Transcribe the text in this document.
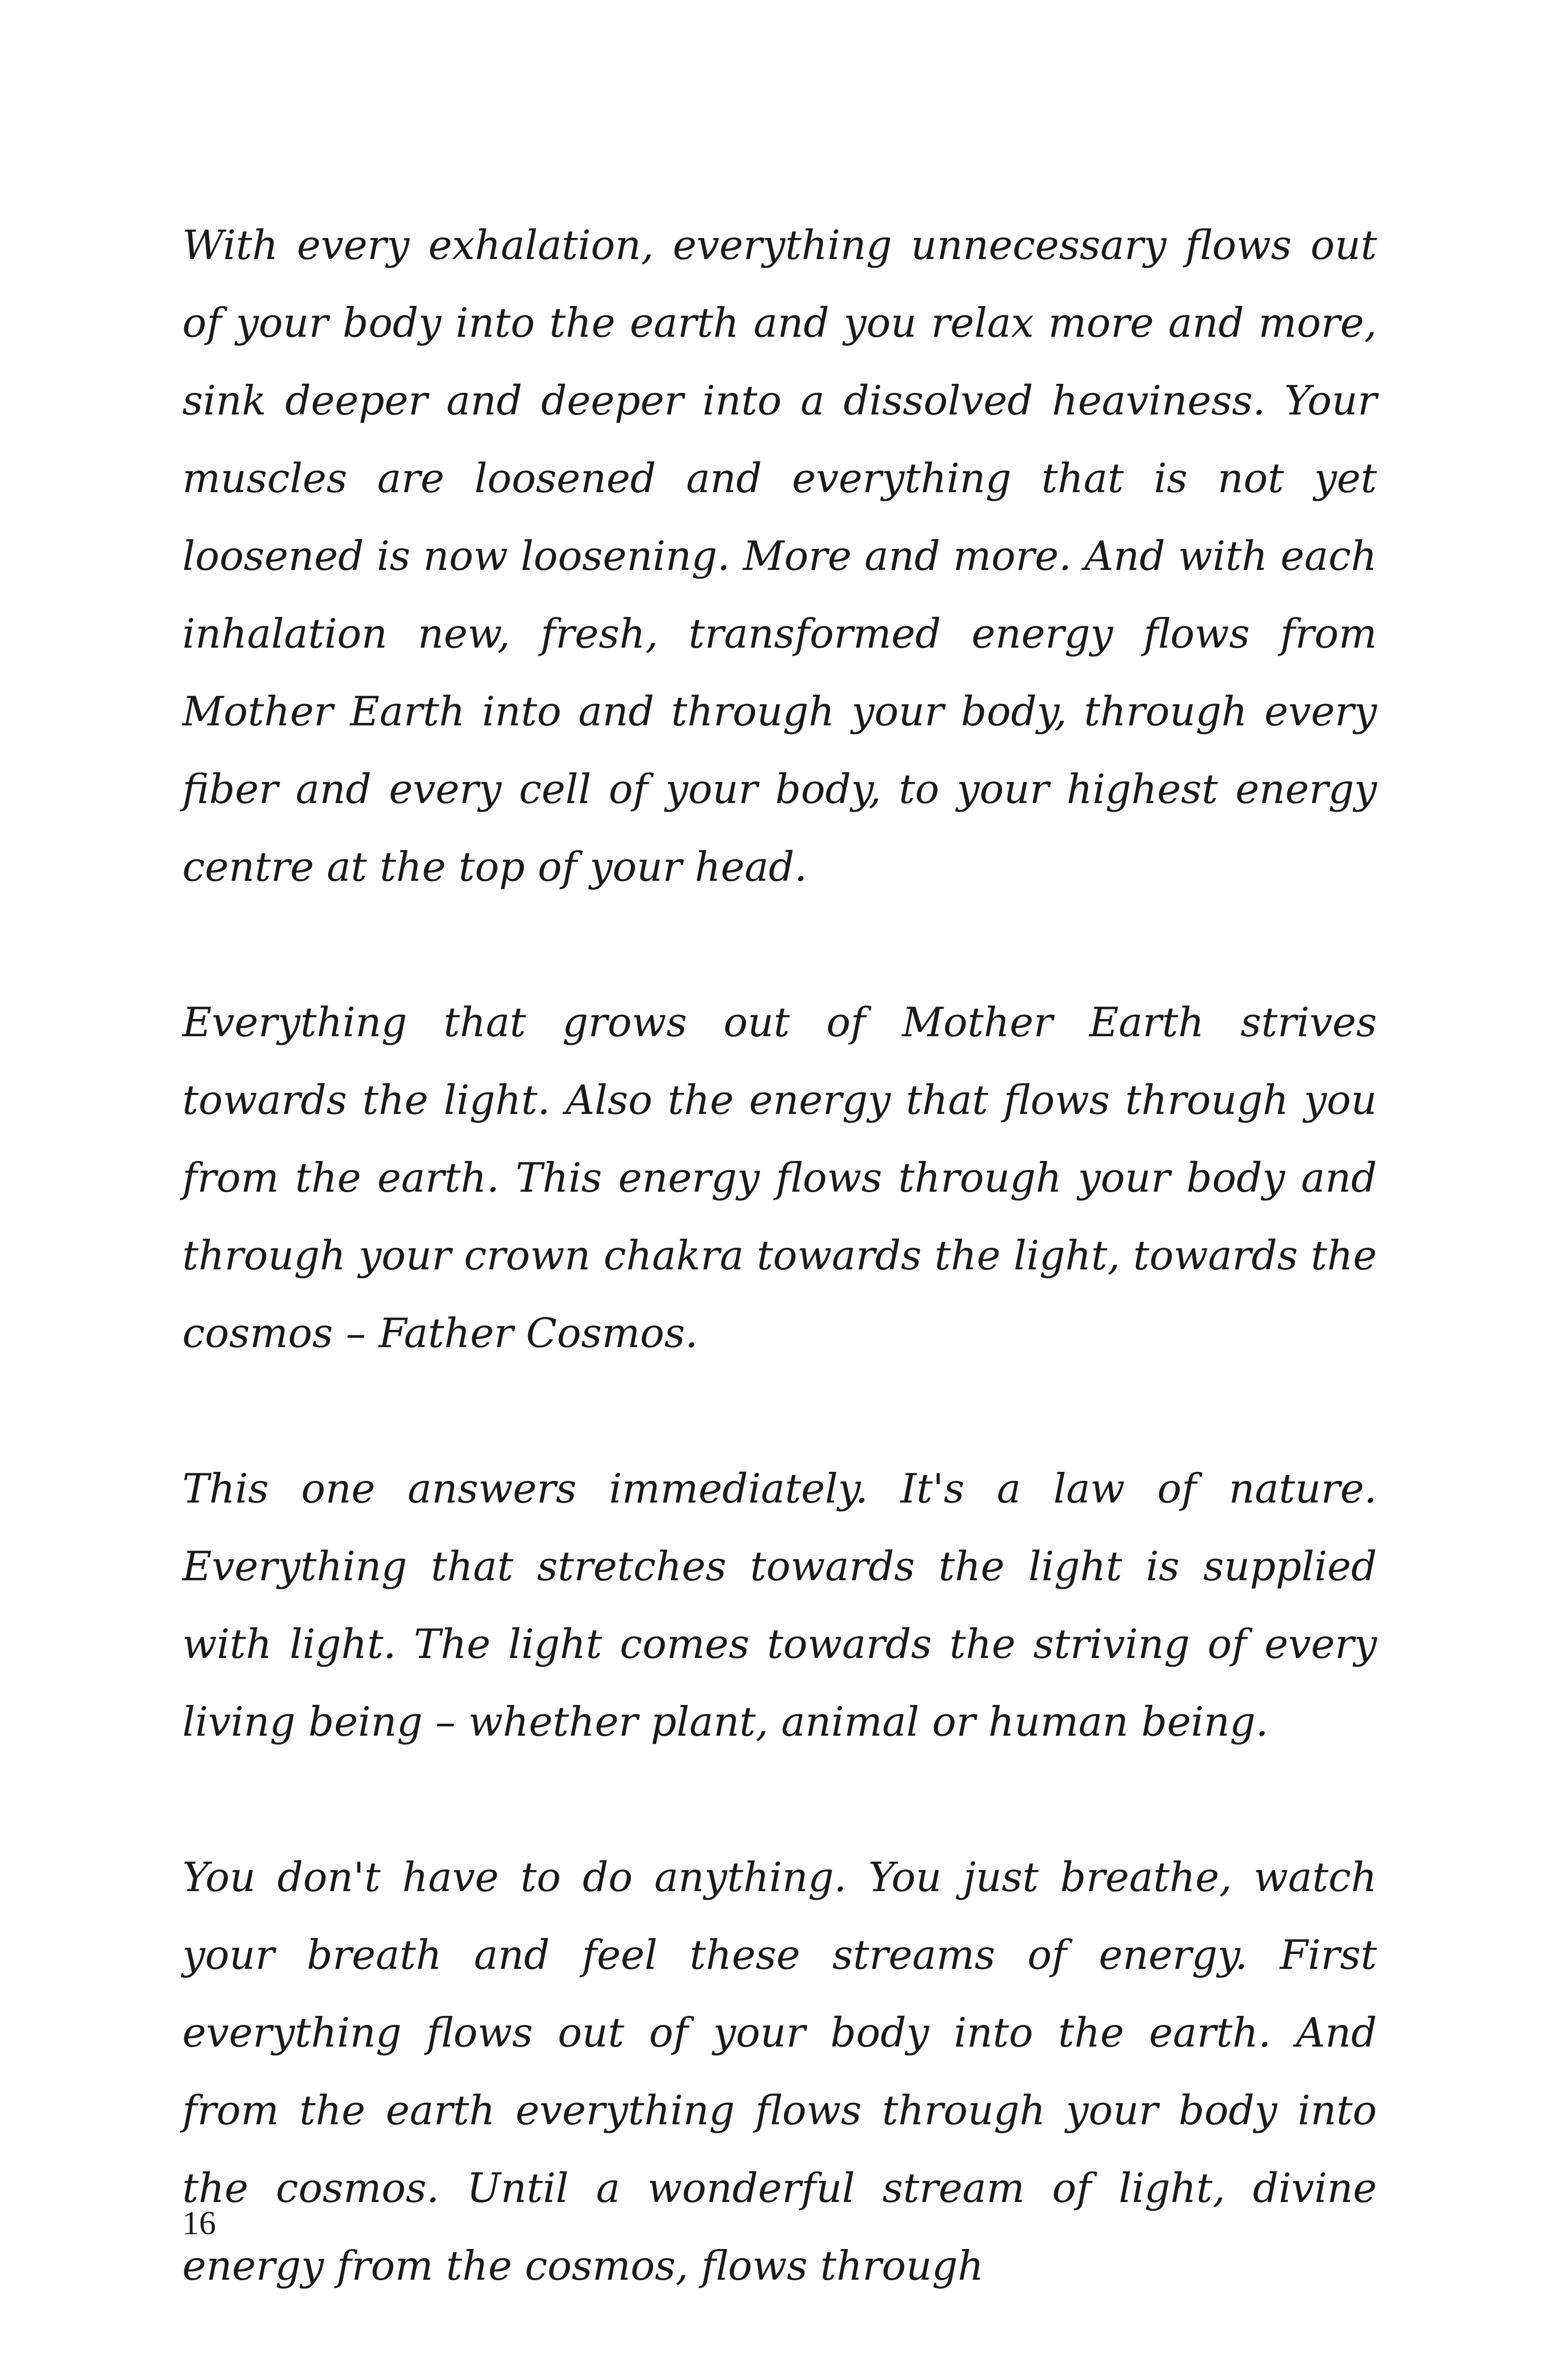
With every exhalation, everything unnecessary flows out of your body into the earth and you relax more and more, sink deeper and deeper into a dissolved heaviness. Your muscles are loosened and everything that is not yet loosened is now loosening. More and more. And with each inhalation new, fresh, transformed energy flows from Mother Earth into and through your body, through every fiber and every cell of your body, to your highest energy centre at the top of your head.

Everything that grows out of Mother Earth strives towards the light. Also the energy that flows through you from the earth. This energy flows through your body and through your crown chakra towards the light, towards the cosmos – Father Cosmos.

This one answers immediately. It's a law of nature. Everything that stretches towards the light is supplied with light. The light comes towards the striving of every living being – whether plant, animal or human being.

You don't have to do anything. You just breathe, watch your breath and feel these streams of energy. First everything flows out of your body into the earth. And from the earth everything flows through your body into the cosmos. Until a wonderful stream of light, divine energy from the cosmos, flows through

16
